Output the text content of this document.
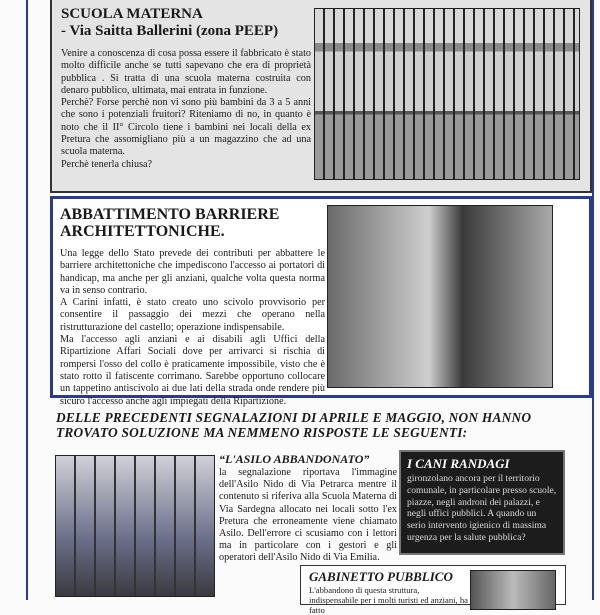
SCUOLA MATERNA
- Via Saitta Ballerini (zona PEEP)

Venire a conoscenza di cosa possa essere il fabbricato è stato molto difficile anche se tutti sapevano che era di proprietà pubblica . Si tratta di una scuola materna costruita con denaro pubblico, ultimata, mai entrata in funzione.

Perchè? Forse perchè non vi sono più bambini da 3 a 5 anni che sono i potenziali fruitori? Riteniamo di no, in quanto è noto che il II° Circolo tiene i bambini nei locali della ex Pretura che assomigliano più a un magazzino che ad una scuola materna.

Perchè tenerla chiusa?

ABBATTIMENTO BARRIERE ARCHITETTONICHE.

Una legge dello Stato prevede dei contributi per abbattere le barriere architettoniche che impediscono l'accesso ai portatori di handicap, ma anche per gli anziani, qualche volta questa norma va in senso contrario.

A Carini infatti, è stato creato uno scivolo provvisorio per consentire il passaggio dei mezzi che operano nella ristrutturazione del castello; operazione indispensabile.

Ma l'accesso agli anziani e ai disabili agli Uffici della Ripartizione Affari Sociali dove per arrivarci si rischia di rompersi l'osso del collo è praticamente impossibile, visto che è stato rotto il fatiscente corrimano. Sarebbe opportuno collocare un tappetino antiscivolo ai due lati della strada onde rendere più sicuro l'accesso anche agli impiegati della Ripartizione.

DELLE PRECEDENTI SEGNALAZIONI DI APRILE E MAGGIO, NON HANNO TROVATO SOLUZIONE MA NEMMENO RISPOSTE LE SEGUENTI:
“L'ASILO ABBANDONATO”

la segnalazione riportava l'immagine dell'Asilo Nido di Via Petrarca mentre il contenuto si riferiva alla Scuola Materna di Via Sardegna allocato nei locali sotto l'ex Pretura che erroneamente viene chiamato Asilo. Dell'errore ci scusiamo con i lettori ma in particolare con i gestori e gli operatori dell'Asilo Nido di Via Emilia.

I CANI RANDAGI

gironzolano ancora per il territorio comunale, in particolare presso scuole, piazze, negli androni dei palazzi, e negli uffici pubblici. A quando un serio intervento igienico di massima urgenza per la salute pubblica?

GABINETTO PUBBLICO

L'abbandono di questa struttura, indispensabile per i molti turisti ed anziani, ha fatto
